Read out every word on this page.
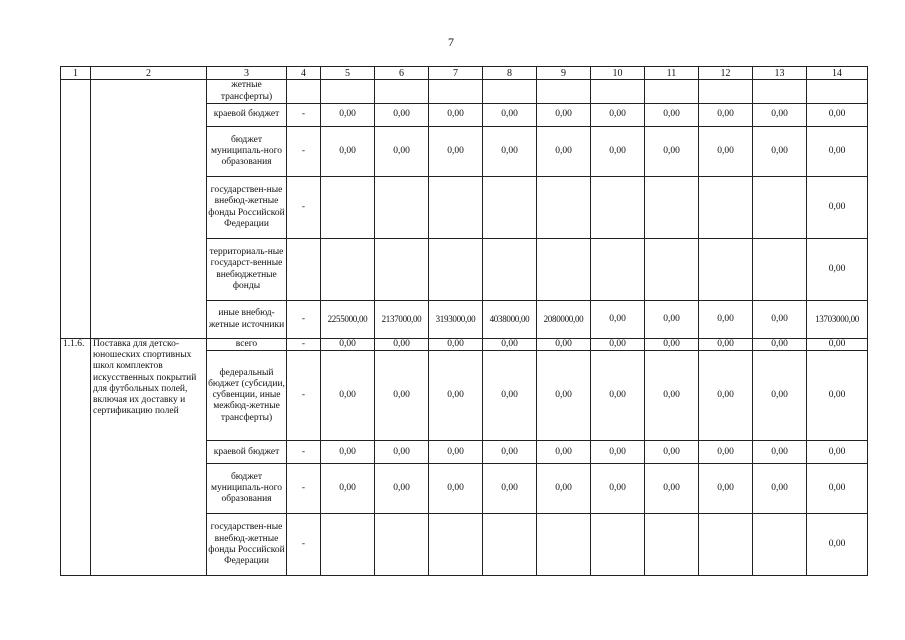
7
1	2	3	4	5	6	7	8	9	10	11	12	13	14
		жетные трансферты)											
		краевой бюджет	-	0,00	0,00	0,00	0,00	0,00	0,00	0,00	0,00	0,00	0,00
		бюджет муниципаль-ного образования	-	0,00	0,00	0,00	0,00	0,00	0,00	0,00	0,00	0,00	0,00
		государствен-ные внебюд-жетные фонды Российской Федерации	-										0,00
		территориаль-ные государст-венные внебюджетные фонды											0,00
		иные внебюд-жетные источники	-	2255000,00	2137000,00	3193000,00	4038000,00	2080000,00	0,00	0,00	0,00	0,00	13703000,00
1.1.6.	Поставка для детско-юношеских спортивных школ комплектов искусственных покрытий для футбольных полей, включая их доставку и сертификацию полей	всего	-	0,00	0,00	0,00	0,00	0,00	0,00	0,00	0,00	0,00	0,00
		федеральный бюджет (субсидии, субвенции, иные межбюд-жетные трансферты)	-	0,00	0,00	0,00	0,00	0,00	0,00	0,00	0,00	0,00	0,00
		краевой бюджет	-	0,00	0,00	0,00	0,00	0,00	0,00	0,00	0,00	0,00	0,00
		бюджет муниципаль-ного образования	-	0,00	0,00	0,00	0,00	0,00	0,00	0,00	0,00	0,00	0,00
		государствен-ные внебюд-жетные фонды Российской Федерации	-										0,00
